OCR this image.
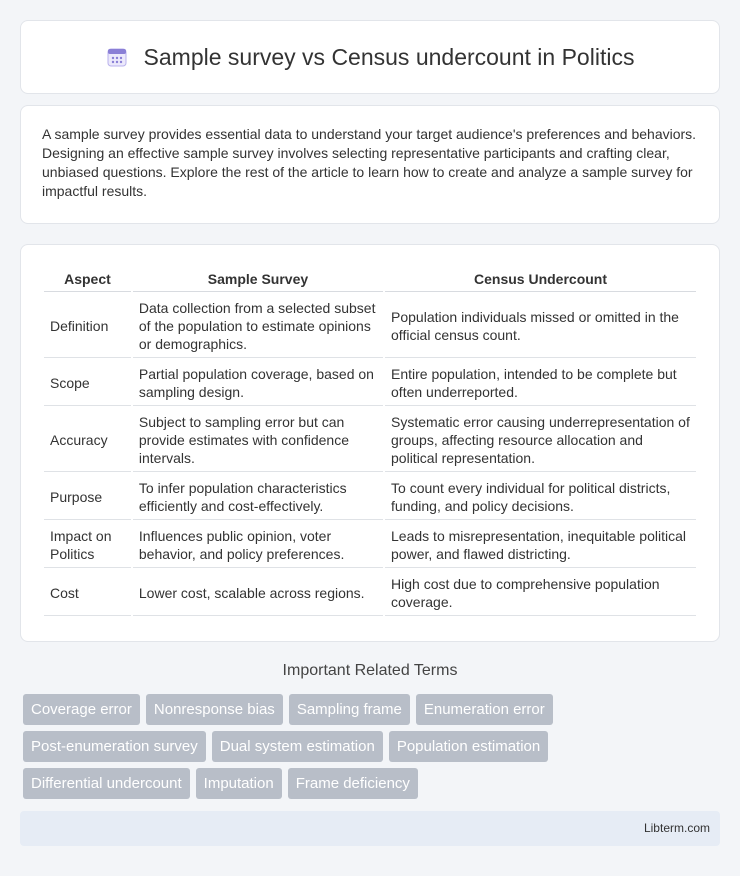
Sample survey vs Census undercount in Politics

A sample survey provides essential data to understand your target audience's preferences and behaviors. Designing an effective sample survey involves selecting representative participants and crafting clear, unbiased questions. Explore the rest of the article to learn how to create and analyze a sample survey for impactful results.

Aspect	Sample Survey	Census Undercount
Definition	Data collection from a selected subset of the population to estimate opinions or demographics.	Population individuals missed or omitted in the official census count.
Scope	Partial population coverage, based on sampling design.	Entire population, intended to be complete but often underreported.
Accuracy	Subject to sampling error but can provide estimates with confidence intervals.	Systematic error causing underrepresentation of groups, affecting resource allocation and political representation.
Purpose	To infer population characteristics efficiently and cost-effectively.	To count every individual for political districts, funding, and policy decisions.
Impact on Politics	Influences public opinion, voter behavior, and policy preferences.	Leads to misrepresentation, inequitable political power, and flawed districting.
Cost	Lower cost, scalable across regions.	High cost due to comprehensive population coverage.
Important Related Terms
Coverage error	Nonresponse bias	Sampling frame	Enumeration error
Post-enumeration survey	Dual system estimation	Population estimation
Differential undercount	Imputation	Frame deficiency
Libterm.com
